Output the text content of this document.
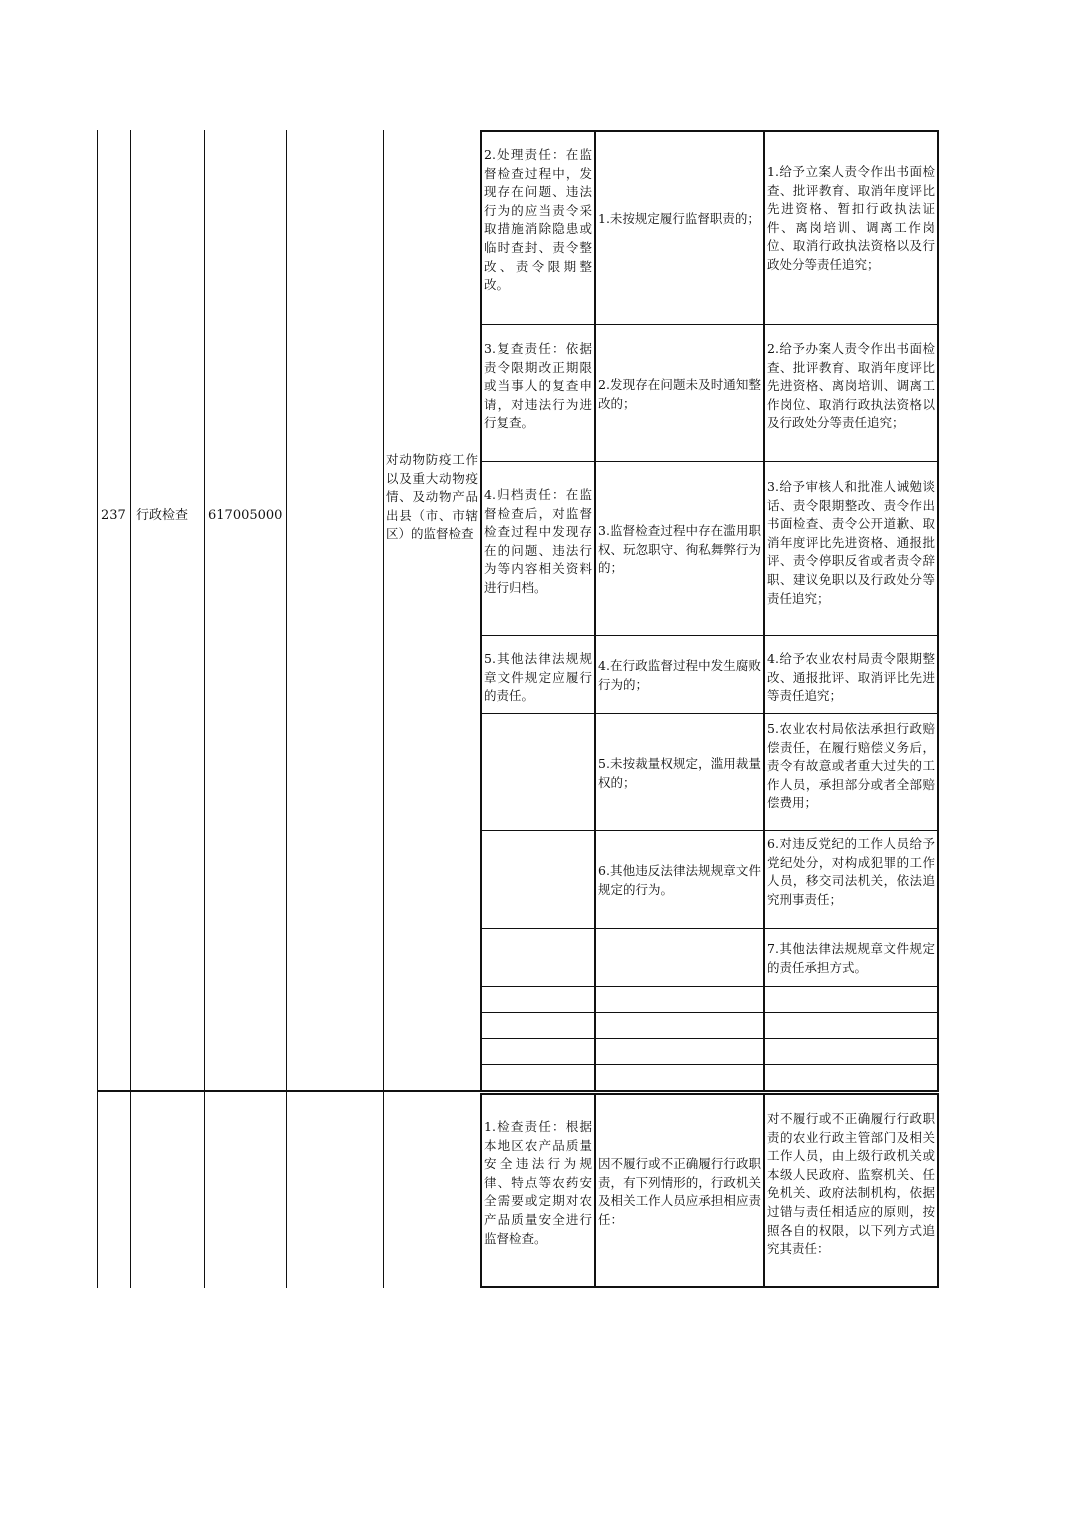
237 行政检查 617005000
对动物防疫工作以及重大动物疫情、及动物产品出县（市、市辖区）的监督检查
2.处理责任：在监督检查过程中，发现存在问题、违法行为的应当责令采取措施消除隐患或临时查封、责令整改、责令限期整改。
1.未按规定履行监督职责的；
1.给予立案人责令作出书面检查、批评教育、取消年度评比先进资格、暂扣行政执法证件、离岗培训、调离工作岗位、取消行政执法资格以及行政处分等责任追究；
3.复查责任：依据责令限期改正期限或当事人的复查申请，对违法行为进行复查。
2.发现存在问题未及时通知整改的；
2.给予办案人责令作出书面检查、批评教育、取消年度评比先进资格、离岗培训、调离工作岗位、取消行政执法资格以及行政处分等责任追究；
4.归档责任：在监督检查后，对监督检查过程中发现存在的问题、违法行为等内容相关资料进行归档。
3.监督检查过程中存在滥用职权、玩忽职守、徇私舞弊行为的；
3.给予审核人和批准人诫勉谈话、责令限期整改、责令作出书面检查、责令公开道歉、取消年度评比先进资格、通报批评、责令停职反省或者责令辞职、建议免职以及行政处分等责任追究；
5.其他法律法规规章文件规定应履行的责任。
4.在行政监督过程中发生腐败行为的；
4.给予农业农村局责令限期整改、通报批评、取消评比先进等责任追究；
5.未按裁量权规定，滥用裁量权的；
5.农业农村局依法承担行政赔偿责任，在履行赔偿义务后，责令有故意或者重大过失的工作人员，承担部分或者全部赔偿费用；
6.其他违反法律法规规章文件规定的行为。
6.对违反党纪的工作人员给予党纪处分，对构成犯罪的工作人员，移交司法机关，依法追究刑事责任；
7.其他法律法规规章文件规定的责任承担方式。
1.检查责任：根据本地区农产品质量安全违法行为规律、特点等农药安全需要或定期对农产品质量安全进行监督检查。
因不履行或不正确履行行政职责，有下列情形的，行政机关及相关工作人员应承担相应责任：
对不履行或不正确履行行政职责的农业行政主管部门及相关工作人员，由上级行政机关或本级人民政府、监察机关、任免机关、政府法制机构，依据过错与责任相适应的原则，按照各自的权限，以下列方式追究其责任：
